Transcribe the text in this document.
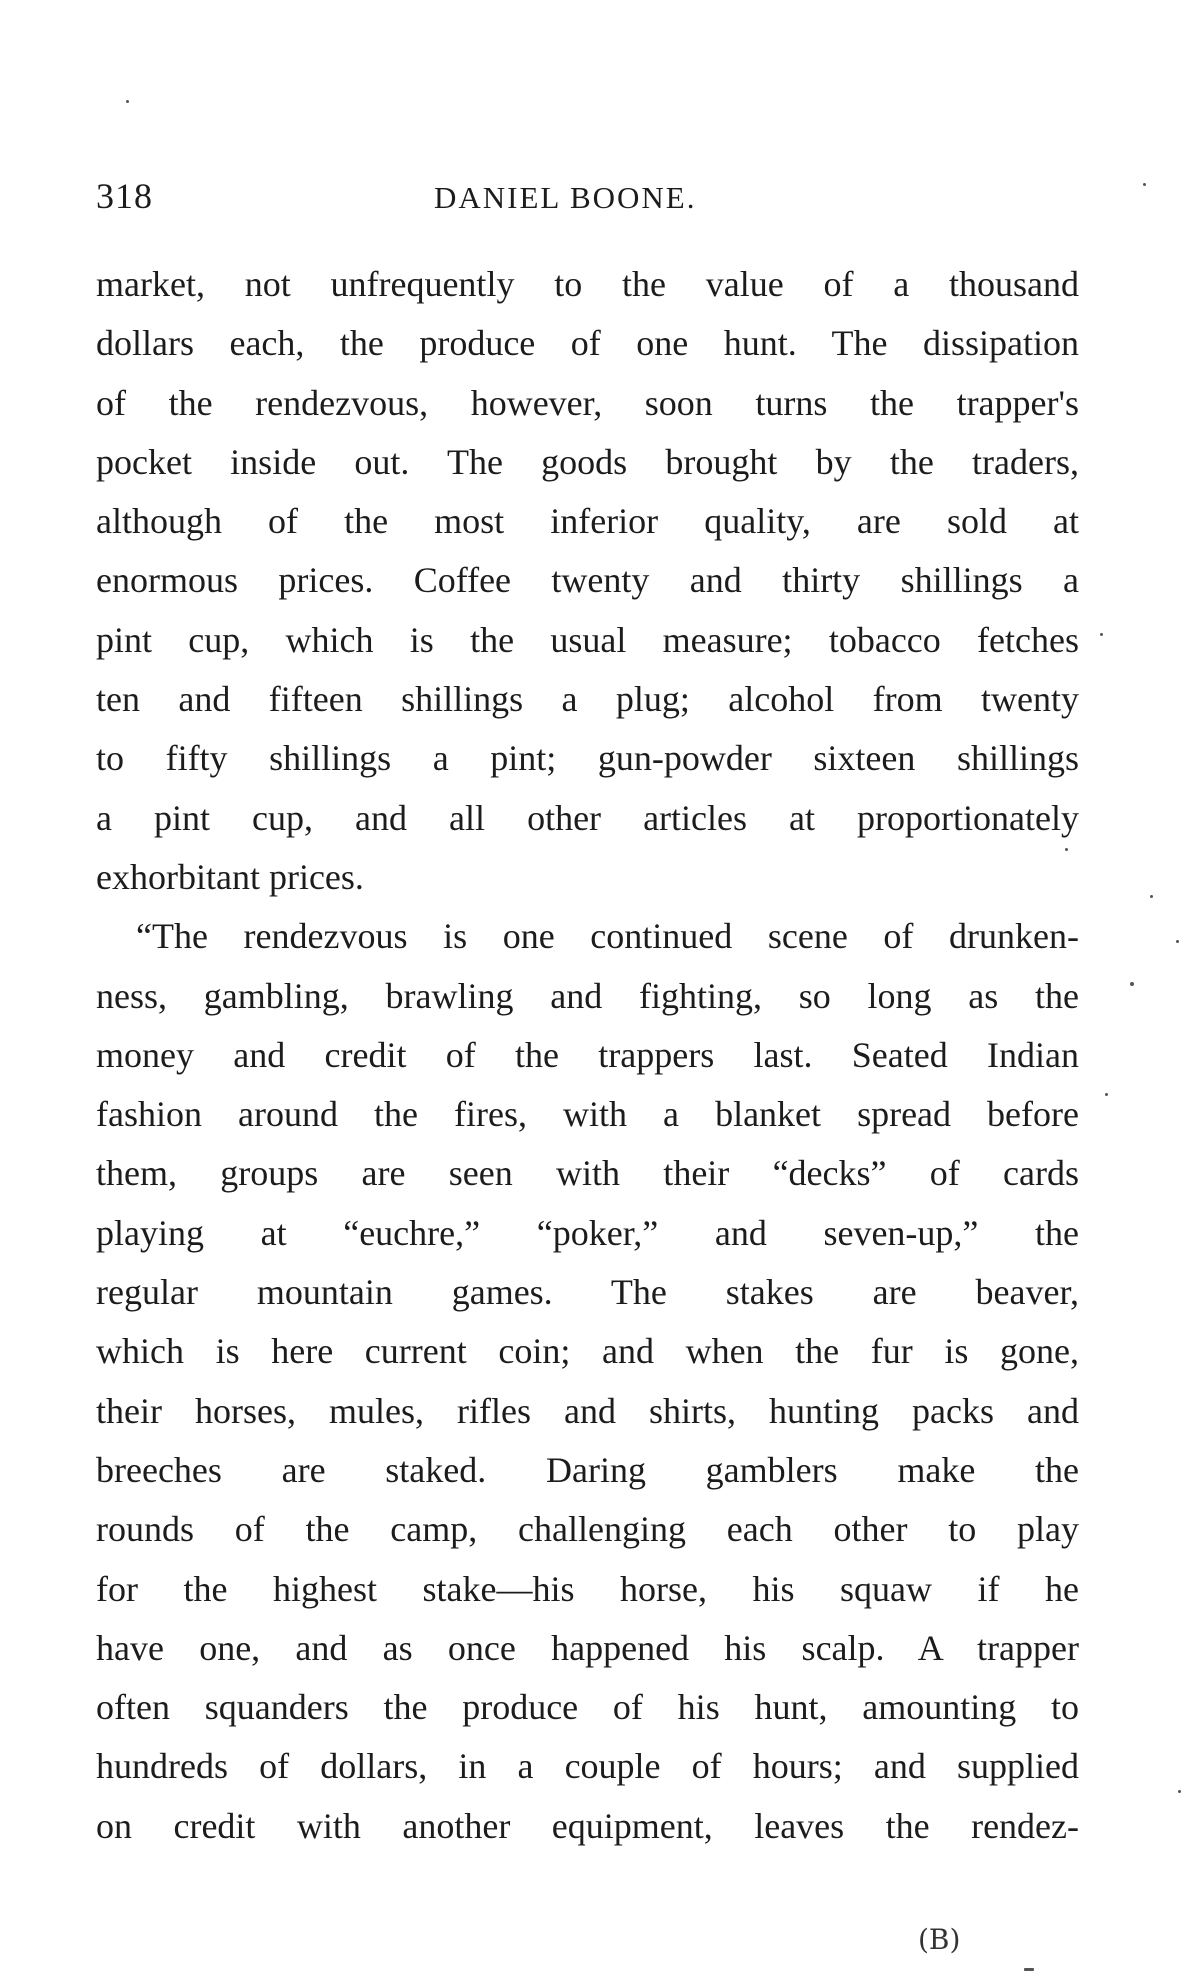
318	DANIEL BOONE.
market, not unfrequently to the value of a thousand
dollars each, the produce of one hunt. The dissipation
of the rendezvous, however, soon turns the trapper's
pocket inside out. The goods brought by the traders,
although of the most inferior quality, are sold at
enormous prices. Coffee twenty and thirty shillings a
pint cup, which is the usual measure; tobacco fetches
ten and fifteen shillings a plug; alcohol from twenty
to fifty shillings a pint; gun-powder sixteen shillings
a pint cup, and all other articles at proportionately
exhorbitant prices.
“The rendezvous is one continued scene of drunken-
ness, gambling, brawling and fighting, so long as the
money and credit of the trappers last. Seated Indian
fashion around the fires, with a blanket spread before
them, groups are seen with their “decks” of cards
playing at “euchre,” “poker,” and seven-up,” the
regular mountain games. The stakes are beaver,
which is here current coin; and when the fur is gone,
their horses, mules, rifles and shirts, hunting packs and
breeches are staked. Daring gamblers make the
rounds of the camp, challenging each other to play
for the highest stake—his horse, his squaw if he
have one, and as once happened his scalp. A trapper
often squanders the produce of his hunt, amounting to
hundreds of dollars, in a couple of hours; and supplied
on credit with another equipment, leaves the rendez-
(B)
